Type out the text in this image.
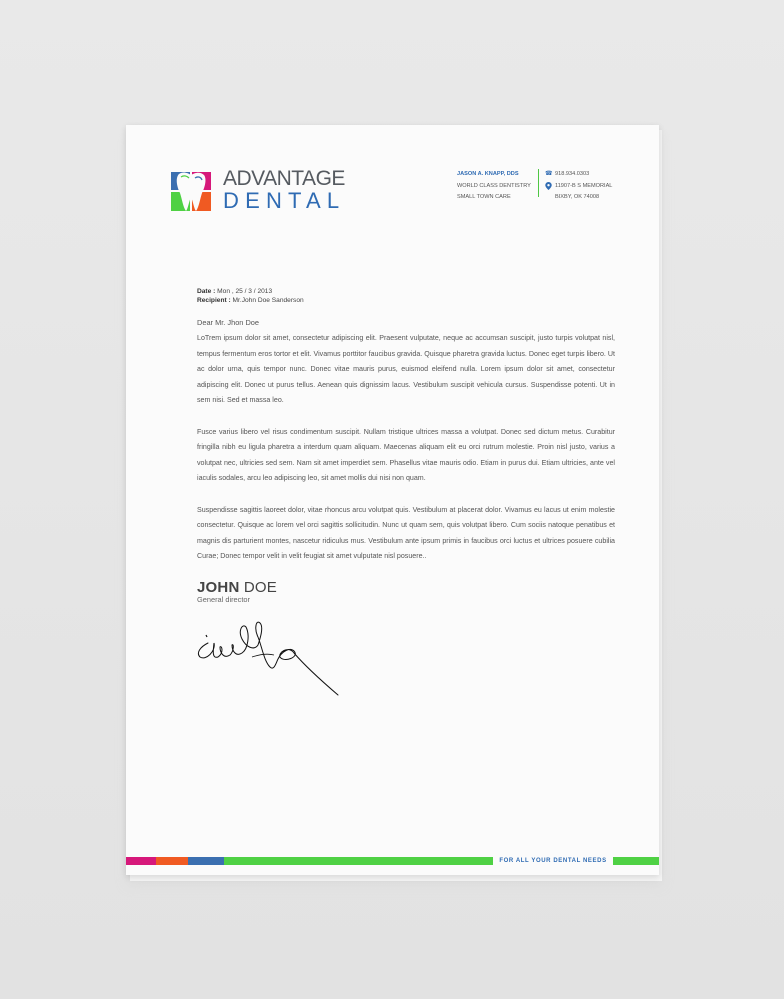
ADVANTAGE
DENTAL
JASON A. KNAPP, DDS
WORLD CLASS DENTISTRY
SMALL TOWN CARE
☎ 918.934.0303
11907-B S MEMORIAL
BIXBY, OK 74008
Date : Mon , 25 / 3 / 2013
Recipient : Mr.John Doe Sanderson
Dear Mr. Jhon Doe

LoTrem ipsum dolor sit amet, consectetur adipiscing elit. Praesent vulputate, neque ac accumsan suscipit, justo turpis volutpat nisl, tempus fermentum eros tortor et elit. Vivamus porttitor faucibus gravida. Quisque pharetra gravida luctus. Donec eget turpis libero. Ut ac dolor urna, quis tempor nunc. Donec vitae mauris purus, euismod eleifend nulla. Lorem ipsum dolor sit amet, consectetur adipiscing elit. Donec ut purus tellus. Aenean quis dignissim lacus. Vestibulum suscipit vehicula cursus. Suspendisse potenti. Ut in sem nisi. Sed et massa leo.

Fusce varius libero vel risus condimentum suscipit. Nullam tristique ultrices massa a volutpat. Donec sed dictum metus. Curabitur fringilla nibh eu ligula pharetra a interdum quam aliquam. Maecenas aliquam elit eu orci rutrum molestie. Proin nisl justo, varius a volutpat nec, ultricies sed sem. Nam sit amet imperdiet sem. Phasellus vitae mauris odio. Etiam in purus dui. Etiam ultricies, ante vel iaculis sodales, arcu leo adipiscing leo, sit amet mollis dui nisi non quam.

Suspendisse sagittis laoreet dolor, vitae rhoncus arcu volutpat quis. Vestibulum at placerat dolor. Vivamus eu lacus ut enim molestie consectetur. Quisque ac lorem vel orci sagittis sollicitudin. Nunc ut quam sem, quis volutpat libero. Cum sociis natoque penatibus et magnis dis parturient montes, nascetur ridiculus mus. Vestibulum ante ipsum primis in faucibus orci luctus et ultrices posuere cubilia Curae; Donec tempor velit in velit feugiat sit amet vulputate nisl posuere..

JOHN DOE
General director
FOR ALL YOUR DENTAL NEEDS
